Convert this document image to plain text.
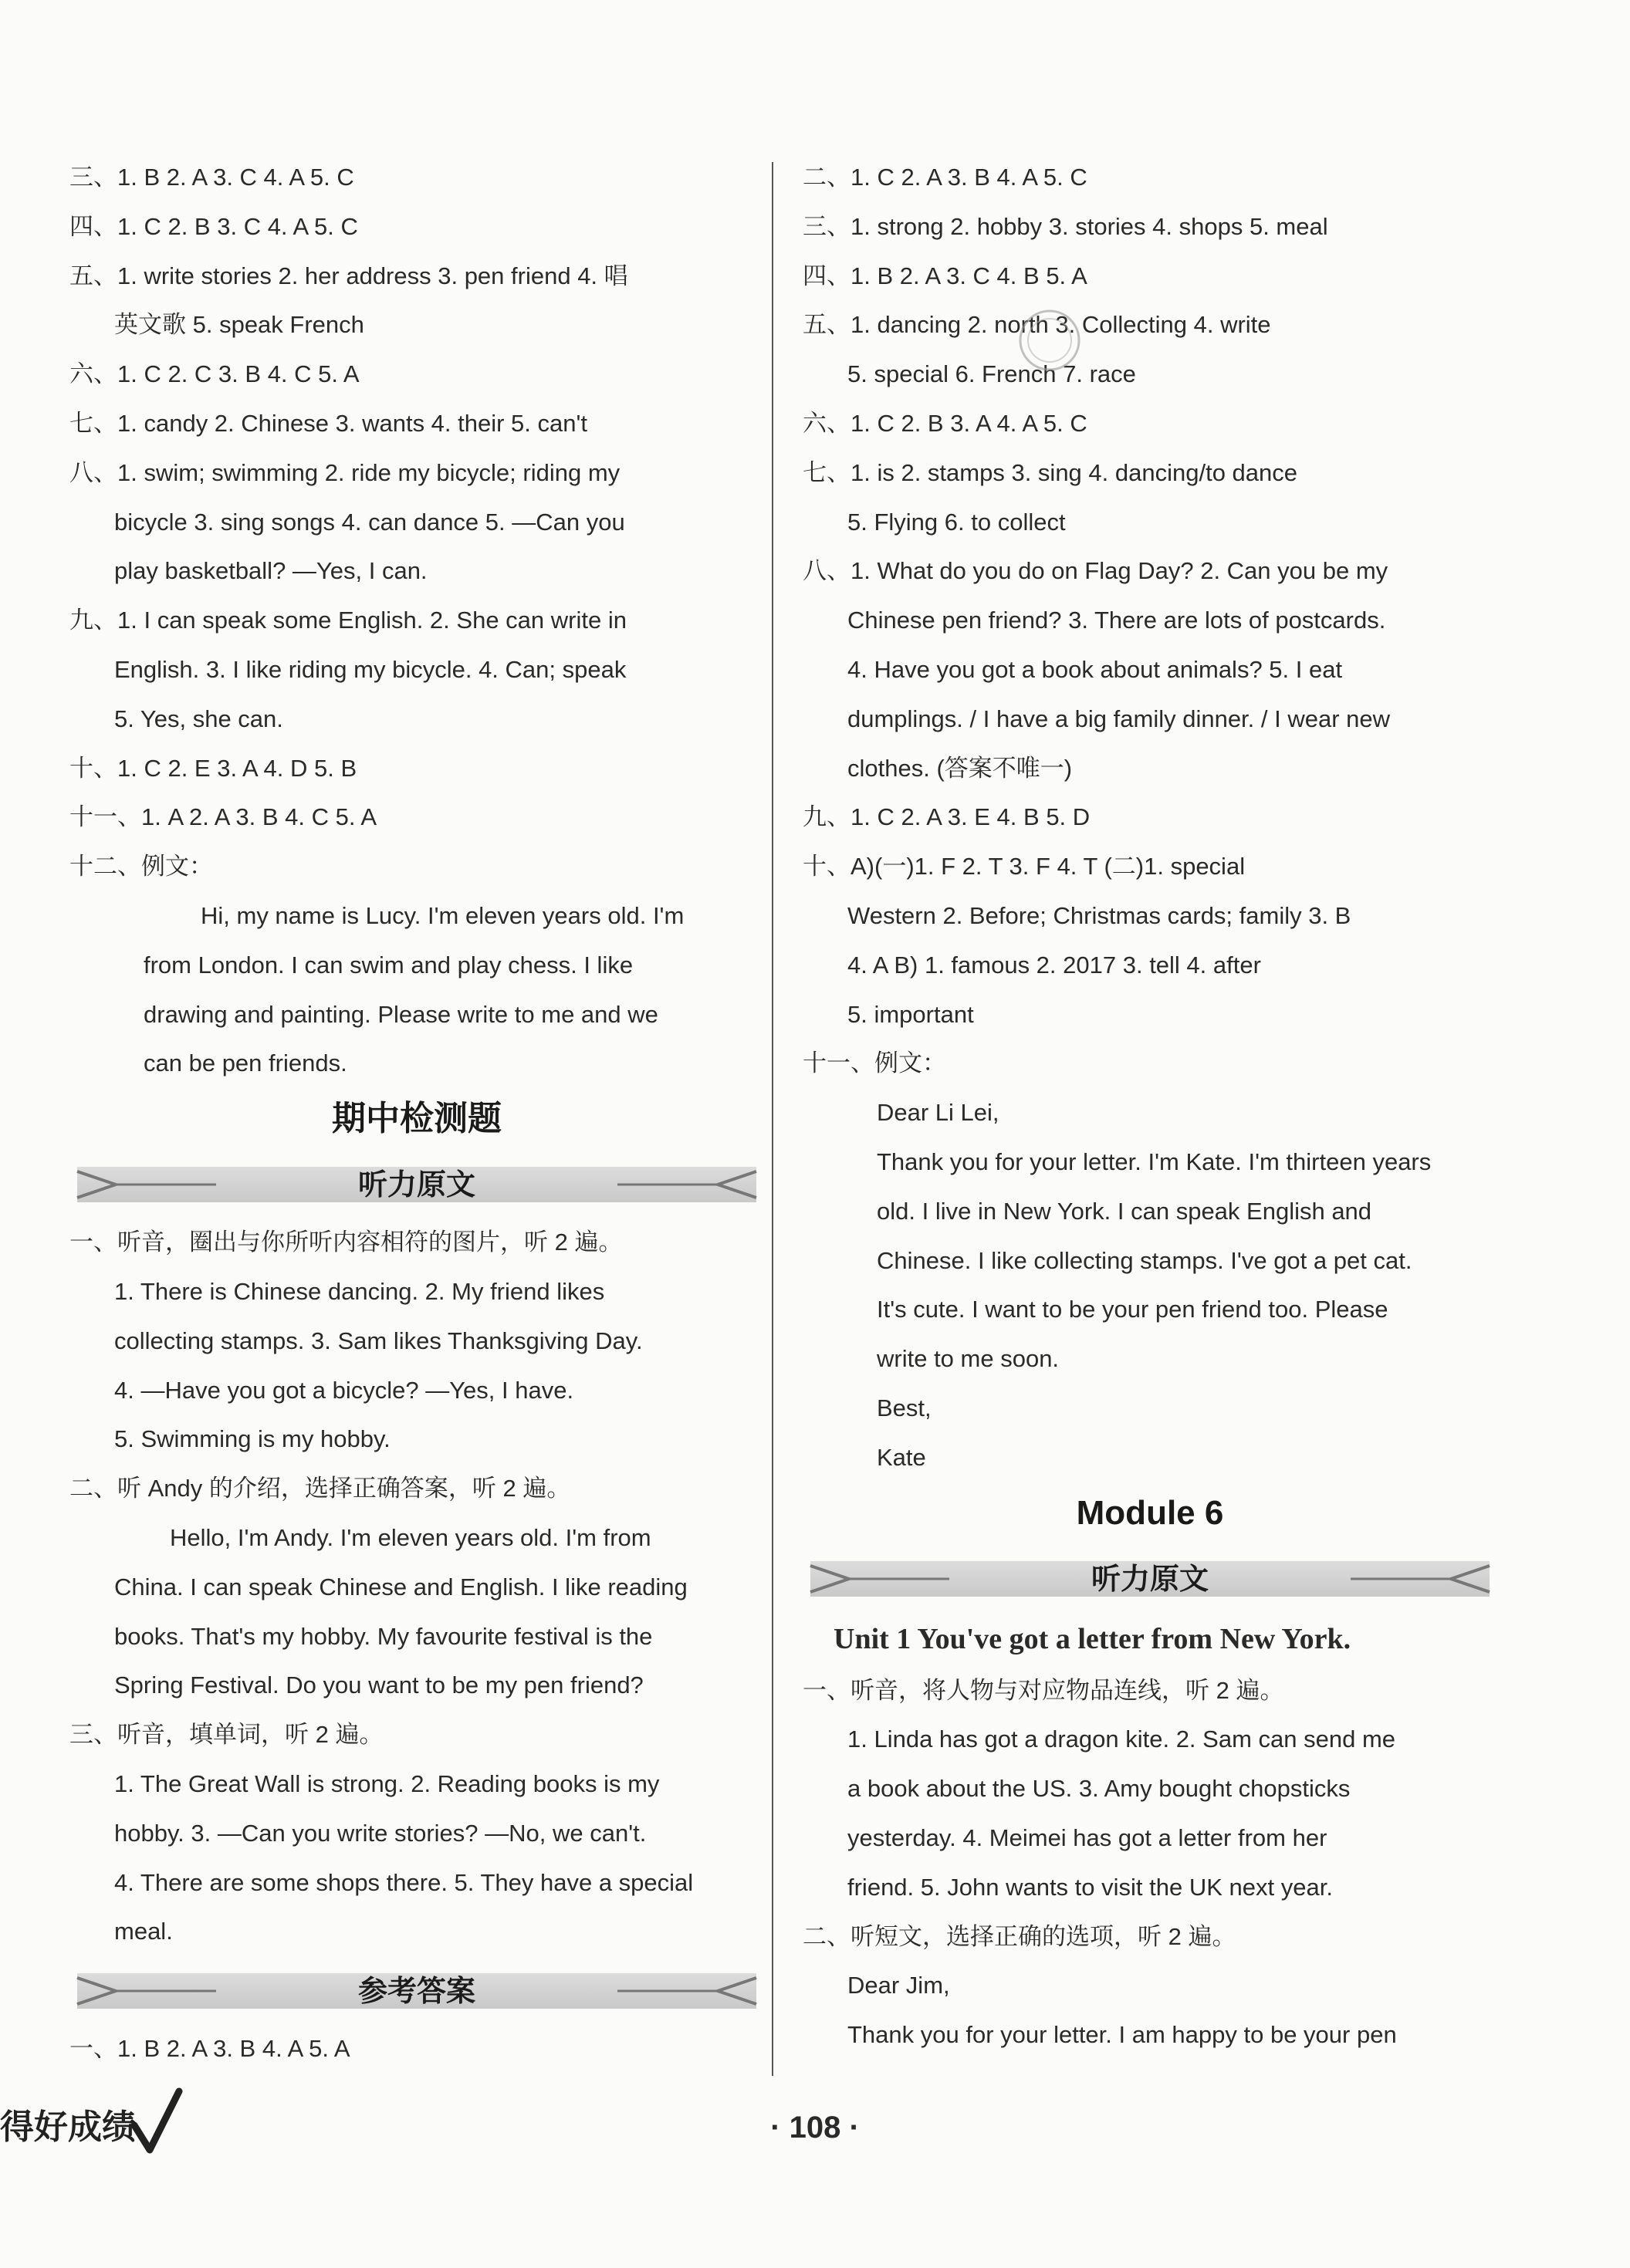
三、1. B 2. A 3. C 4. A 5. C
四、1. C 2. B 3. C 4. A 5. C
五、1. write stories 2. her address 3. pen friend 4. 唱
英文歌 5. speak French
六、1. C 2. C 3. B 4. C 5. A
七、1. candy 2. Chinese 3. wants 4. their 5. can't
八、1. swim; swimming 2. ride my bicycle; riding my
bicycle 3. sing songs 4. can dance 5. —Can you
play basketball? —Yes, I can.
九、1. I can speak some English. 2. She can write in
English. 3. I like riding my bicycle. 4. Can; speak
5. Yes, she can.
十、1. C 2. E 3. A 4. D 5. B
十一、1. A 2. A 3. B 4. C 5. A
十二、例文：
Hi, my name is Lucy. I'm eleven years old. I'm
from London. I can swim and play chess. I like
drawing and painting. Please write to me and we
can be pen friends.
期中检测题
听力原文
一、听音，圈出与你所听内容相符的图片，听 2 遍。
1. There is Chinese dancing. 2. My friend likes
collecting stamps. 3. Sam likes Thanksgiving Day.
4. —Have you got a bicycle? —Yes, I have.
5. Swimming is my hobby.
二、听 Andy 的介绍，选择正确答案，听 2 遍。
Hello, I'm Andy. I'm eleven years old. I'm from
China. I can speak Chinese and English. I like reading
books. That's my hobby. My favourite festival is the
Spring Festival. Do you want to be my pen friend?
三、听音，填单词，听 2 遍。
1. The Great Wall is strong. 2. Reading books is my
hobby. 3. —Can you write stories? —No, we can't.
4. There are some shops there. 5. They have a special
meal.
参考答案
一、1. B 2. A 3. B 4. A 5. A
二、1. C 2. A 3. B 4. A 5. C
三、1. strong 2. hobby 3. stories 4. shops 5. meal
四、1. B 2. A 3. C 4. B 5. A
五、1. dancing 2. north 3. Collecting 4. write
5. special 6. French 7. race
六、1. C 2. B 3. A 4. A 5. C
七、1. is 2. stamps 3. sing 4. dancing/to dance
5. Flying 6. to collect
八、1. What do you do on Flag Day? 2. Can you be my
Chinese pen friend? 3. There are lots of postcards.
4. Have you got a book about animals? 5. I eat
dumplings. / I have a big family dinner. / I wear new
clothes. (答案不唯一)
九、1. C 2. A 3. E 4. B 5. D
十、A)(一)1. F 2. T 3. F 4. T (二)1. special
Western 2. Before; Christmas cards; family 3. B
4. A B) 1. famous 2. 2017 3. tell 4. after
5. important
十一、例文：
Dear Li Lei,
Thank you for your letter. I'm Kate. I'm thirteen years
old. I live in New York. I can speak English and
Chinese. I like collecting stamps. I've got a pet cat.
It's cute. I want to be your pen friend too. Please
write to me soon.
Best,
Kate
Module 6
听力原文
Unit 1 You've got a letter from New York.
一、听音，将人物与对应物品连线，听 2 遍。
1. Linda has got a dragon kite. 2. Sam can send me
a book about the US. 3. Amy bought chopsticks
yesterday. 4. Meimei has got a letter from her
friend. 5. John wants to visit the UK next year.
二、听短文，选择正确的选项，听 2 遍。
Dear Jim,
Thank you for your letter. I am happy to be your pen
得好成绩	· 108 ·
